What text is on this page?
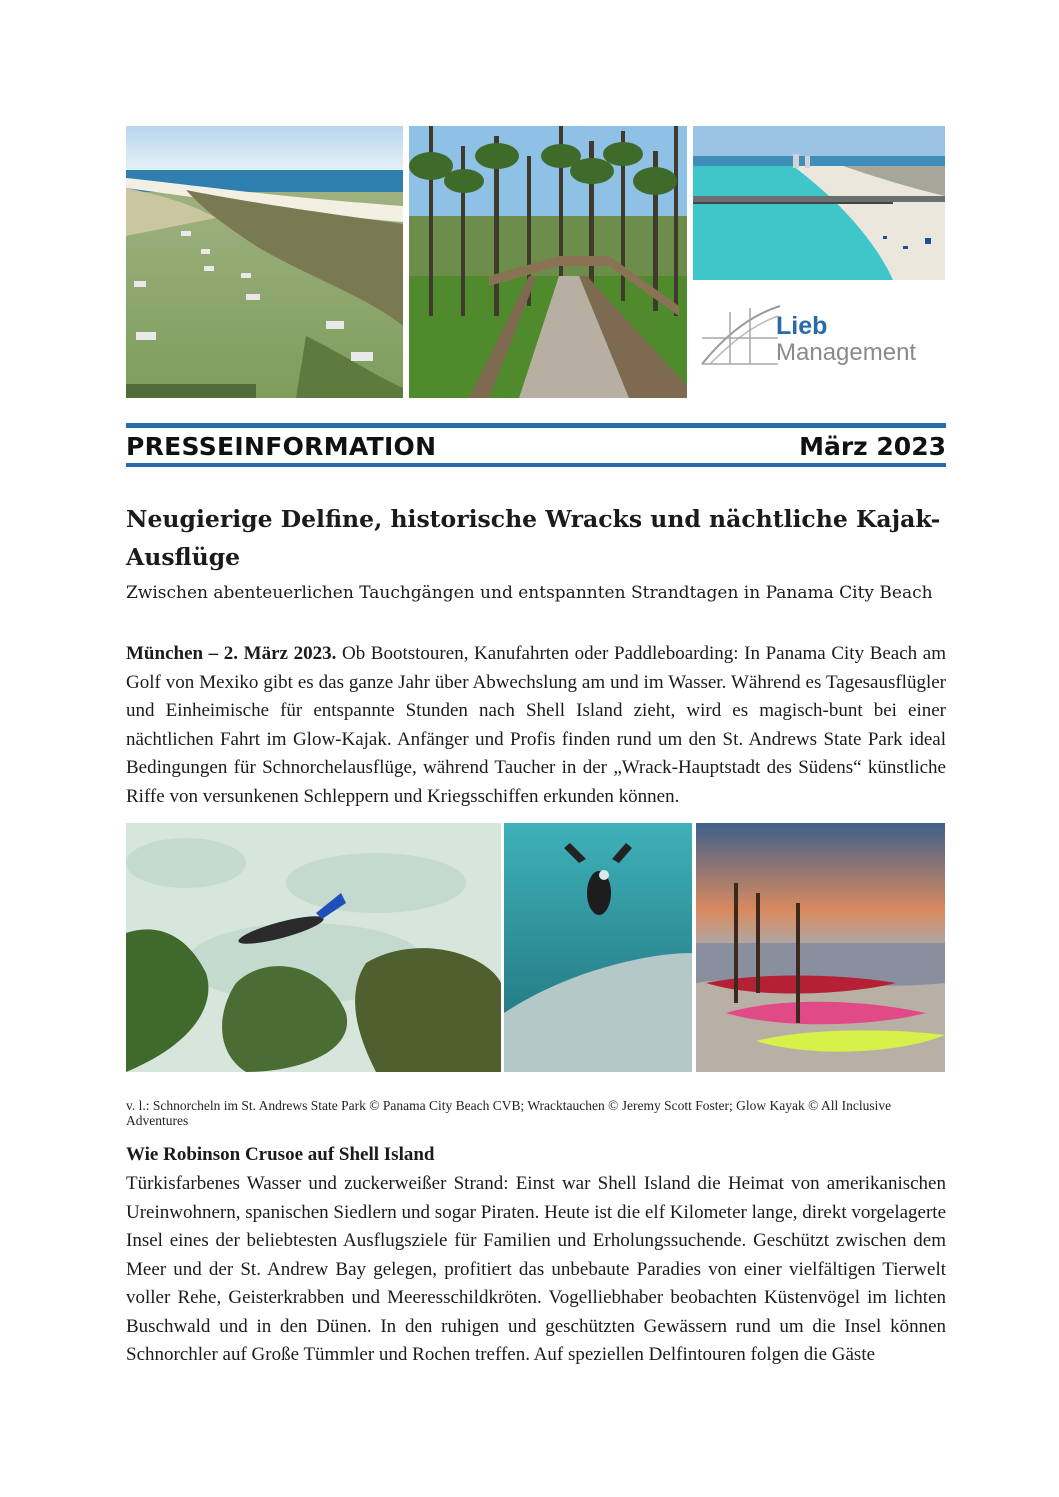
Lieb
Management
PRESSEINFORMATION	März 2023
Neugierige Delfine, historische Wracks und nächtliche Kajak-Ausflüge
Zwischen abenteuerlichen Tauchgängen und entspannten Strandtagen in Panama City Beach
München – 2. März 2023. Ob Bootstouren, Kanufahrten oder Paddleboarding: In Panama City Beach am Golf von Mexiko gibt es das ganze Jahr über Abwechslung am und im Wasser. Während es Tagesausflügler und Einheimische für entspannte Stunden nach Shell Island zieht, wird es magisch-bunt bei einer nächtlichen Fahrt im Glow-Kajak. Anfänger und Profis finden rund um den St. Andrews State Park ideal Bedingungen für Schnorchelausflüge, während Taucher in der „Wrack-Hauptstadt des Südens“ künstliche Riffe von versunkenen Schleppern und Kriegsschiffen erkunden können.
v. l.: Schnorcheln im St. Andrews State Park © Panama City Beach CVB; Wracktauchen © Jeremy Scott Foster; Glow Kayak © All Inclusive Adventures
Wie Robinson Crusoe auf Shell Island
Türkisfarbenes Wasser und zuckerweißer Strand: Einst war Shell Island die Heimat von amerikanischen Ureinwohnern, spanischen Siedlern und sogar Piraten. Heute ist die elf Kilometer lange, direkt vorgelagerte Insel eines der beliebtesten Ausflugsziele für Familien und Erholungssuchende. Geschützt zwischen dem Meer und der St. Andrew Bay gelegen, profitiert das unbebaute Paradies von einer vielfältigen Tierwelt voller Rehe, Geisterkrabben und Meeresschildkröten. Vogelliebhaber beobachten Küstenvögel im lichten Buschwald und in den Dünen. In den ruhigen und geschützten Gewässern rund um die Insel können Schnorchler auf Große Tümmler und Rochen treffen. Auf speziellen Delfintouren folgen die Gäste
